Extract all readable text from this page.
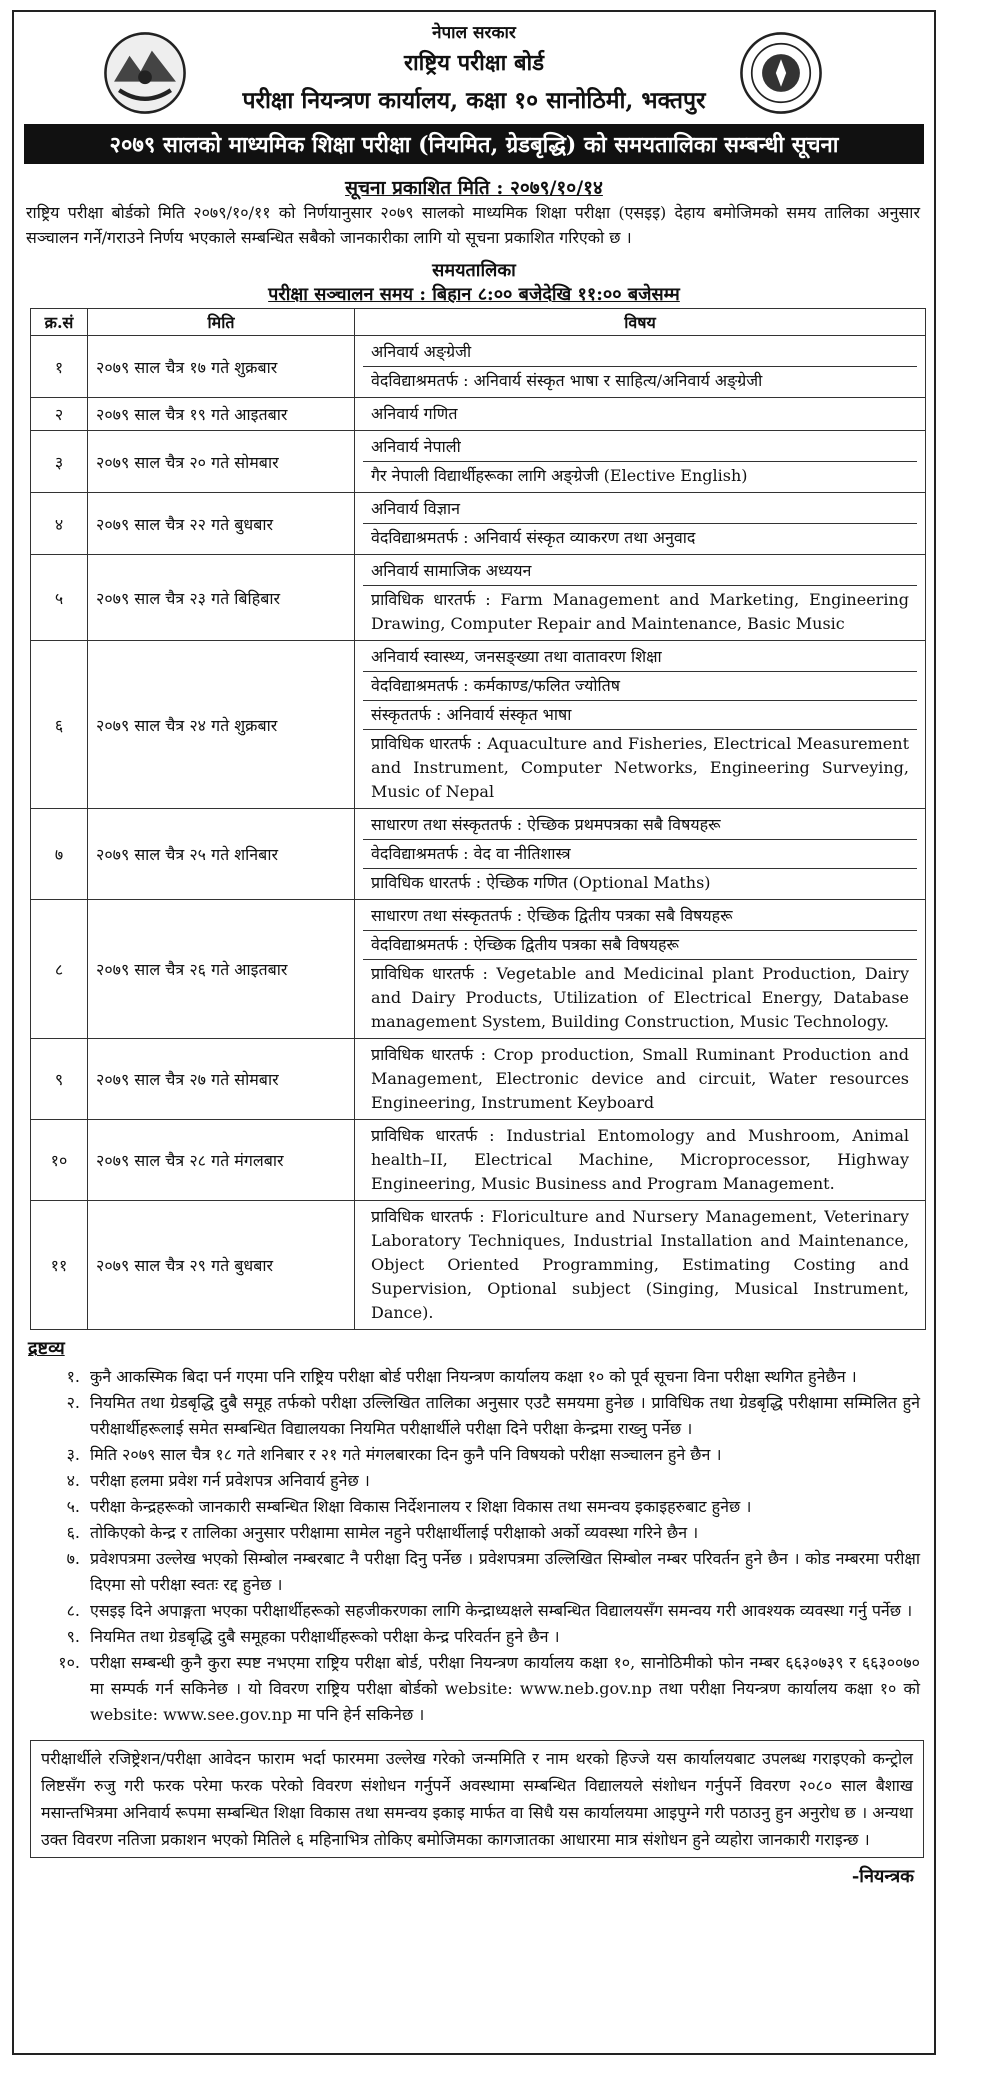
नेपाल सरकार
राष्ट्रिय परीक्षा बोर्ड
परीक्षा नियन्त्रण कार्यालय, कक्षा १० सानोठिमी, भक्तपुर
२०७९ सालको माध्यमिक शिक्षा परीक्षा (नियमित, ग्रेडबृद्धि) को समयतालिका सम्बन्धी सूचना
सूचना प्रकाशित मिति : २०७९/१०/१४
राष्ट्रिय परीक्षा बोर्डको मिति २०७९/१०/११ को निर्णयानुसार २०७९ सालको माध्यमिक शिक्षा परीक्षा (एसइइ) देहाय बमोजिमको समय तालिका अनुसार सञ्चालन गर्ने/गराउने निर्णय भएकाले सम्बन्धित सबैको जानकारीका लागि यो सूचना प्रकाशित गरिएको छ ।
समयतालिका
परीक्षा सञ्चालन समय : बिहान ८:०० बजेदेखि ११:०० बजेसम्म
क्र.सं	मिति	विषय
१	२०७९ साल चैत्र १७ गते शुक्रबार	अनिवार्य अङ्ग्रेजी
वेदविद्याश्रमतर्फ : अनिवार्य संस्कृत भाषा र साहित्य/अनिवार्य अङ्ग्रेजी

२	२०७९ साल चैत्र १९ गते आइतबार	अनिवार्य गणित

३	२०७९ साल चैत्र २० गते सोमबार	अनिवार्य नेपाली
गैर नेपाली विद्यार्थीहरूका लागि अङ्ग्रेजी (Elective English)

४	२०७९ साल चैत्र २२ गते बुधबार	अनिवार्य विज्ञान
वेदविद्याश्रमतर्फ : अनिवार्य संस्कृत व्याकरण तथा अनुवाद

५	२०७९ साल चैत्र २३ गते बिहिबार	अनिवार्य सामाजिक अध्ययन
प्राविधिक धारतर्फ : Farm Management and Marketing, Engineering Drawing, Computer Repair and Maintenance, Basic Music

६	२०७९ साल चैत्र २४ गते शुक्रबार	अनिवार्य स्वास्थ्य, जनसङ्ख्या तथा वातावरण शिक्षा
वेदविद्याश्रमतर्फ : कर्मकाण्ड/फलित ज्योतिष
संस्कृततर्फ : अनिवार्य संस्कृत भाषा
प्राविधिक धारतर्फ : Aquaculture and Fisheries, Electrical Measurement and Instrument, Computer Networks, Engineering Surveying, Music of Nepal

७	२०७९ साल चैत्र २५ गते शनिबार	साधारण तथा संस्कृततर्फ : ऐच्छिक प्रथमपत्रका सबै विषयहरू
वेदविद्याश्रमतर्फ : वेद वा नीतिशास्त्र
प्राविधिक धारतर्फ : ऐच्छिक गणित (Optional Maths)

८	२०७९ साल चैत्र २६ गते आइतबार	साधारण तथा संस्कृततर्फ : ऐच्छिक द्वितीय पत्रका सबै विषयहरू
वेदविद्याश्रमतर्फ : ऐच्छिक द्वितीय पत्रका सबै विषयहरू
प्राविधिक धारतर्फ : Vegetable and Medicinal plant Production, Dairy and Dairy Products, Utilization of Electrical Energy, Database management System, Building Construction, Music Technology.

९	२०७९ साल चैत्र २७ गते सोमबार	प्राविधिक धारतर्फ : Crop production, Small Ruminant Production and Management, Electronic device and circuit, Water resources Engineering, Instrument Keyboard

१०	२०७९ साल चैत्र २८ गते मंगलबार	प्राविधिक धारतर्फ : Industrial Entomology and Mushroom, Animal health–II, Electrical Machine, Microprocessor, Highway Engineering, Music Business and Program Management.

११	२०७९ साल चैत्र २९ गते बुधबार	प्राविधिक धारतर्फ : Floriculture and Nursery Management, Veterinary Laboratory Techniques, Industrial Installation and Maintenance, Object Oriented Programming, Estimating Costing and Supervision, Optional subject (Singing, Musical Instrument, Dance).
द्रष्टव्य
१. कुनै आकस्मिक बिदा पर्न गएमा पनि राष्ट्रिय परीक्षा बोर्ड परीक्षा नियन्त्रण कार्यालय कक्षा १० को पूर्व सूचना विना परीक्षा स्थगित हुनेछैन ।
२. नियमित तथा ग्रेडबृद्धि दुबै समूह तर्फको परीक्षा उल्लिखित तालिका अनुसार एउटै समयमा हुनेछ । प्राविधिक तथा ग्रेडबृद्धि परीक्षामा सम्मिलित हुने परीक्षार्थीहरूलाई समेत सम्बन्धित विद्यालयका नियमित परीक्षार्थीले परीक्षा दिने परीक्षा केन्द्रमा राख्नु पर्नेछ ।
३. मिति २०७९ साल चैत्र १८ गते शनिबार र २१ गते मंगलबारका दिन कुनै पनि विषयको परीक्षा सञ्चालन हुने छैन ।
४. परीक्षा हलमा प्रवेश गर्न प्रवेशपत्र अनिवार्य हुनेछ ।
५. परीक्षा केन्द्रहरूको जानकारी सम्बन्धित शिक्षा विकास निर्देशनालय र शिक्षा विकास तथा समन्वय इकाइहरुबाट हुनेछ ।
६. तोकिएको केन्द्र र तालिका अनुसार परीक्षामा सामेल नहुने परीक्षार्थीलाई परीक्षाको अर्को व्यवस्था गरिने छैन ।
७. प्रवेशपत्रमा उल्लेख भएको सिम्बोल नम्बरबाट नै परीक्षा दिनु पर्नेछ । प्रवेशपत्रमा उल्लिखित सिम्बोल नम्बर परिवर्तन हुने छैन । कोड नम्बरमा परीक्षा दिएमा सो परीक्षा स्वतः रद्द हुनेछ ।
८. एसइइ दिने अपाङ्गता भएका परीक्षार्थीहरूको सहजीकरणका लागि केन्द्राध्यक्षले सम्बन्धित विद्यालयसँग समन्वय गरी आवश्यक व्यवस्था गर्नु पर्नेछ ।
९. नियमित तथा ग्रेडबृद्धि दुबै समूहका परीक्षार्थीहरूको परीक्षा केन्द्र परिवर्तन हुने छैन ।
१०. परीक्षा सम्बन्धी कुनै कुरा स्पष्ट नभएमा राष्ट्रिय परीक्षा बोर्ड, परीक्षा नियन्त्रण कार्यालय कक्षा १०, सानोठिमीको फोन नम्बर ६६३०७३९ र ६६३००७० मा सम्पर्क गर्न सकिनेछ । यो विवरण राष्ट्रिय परीक्षा बोर्डको website: www.neb.gov.np तथा परीक्षा नियन्त्रण कार्यालय कक्षा १० को website: www.see.gov.np मा पनि हेर्न सकिनेछ ।
परीक्षार्थीले रजिष्ट्रेशन/परीक्षा आवेदन फाराम भर्दा फारममा उल्लेख गरेको जन्ममिति र नाम थरको हिज्जे यस कार्यालयबाट उपलब्ध गराइएको कन्ट्रोल लिष्टसँग रुजु गरी फरक परेमा फरक परेको विवरण संशोधन गर्नुपर्ने अवस्थामा सम्बन्धित विद्यालयले संशोधन गर्नुपर्ने विवरण २०८० साल बैशाख मसान्तभित्रमा अनिवार्य रूपमा सम्बन्धित शिक्षा विकास तथा समन्वय इकाइ मार्फत वा सिधै यस कार्यालयमा आइपुग्ने गरी पठाउनु हुन अनुरोध छ । अन्यथा उक्त विवरण नतिजा प्रकाशन भएको मितिले ६ महिनाभित्र तोकिए बमोजिमका कागजातका आधारमा मात्र संशोधन हुने व्यहोरा जानकारी गराइन्छ ।
-नियन्त्रक
